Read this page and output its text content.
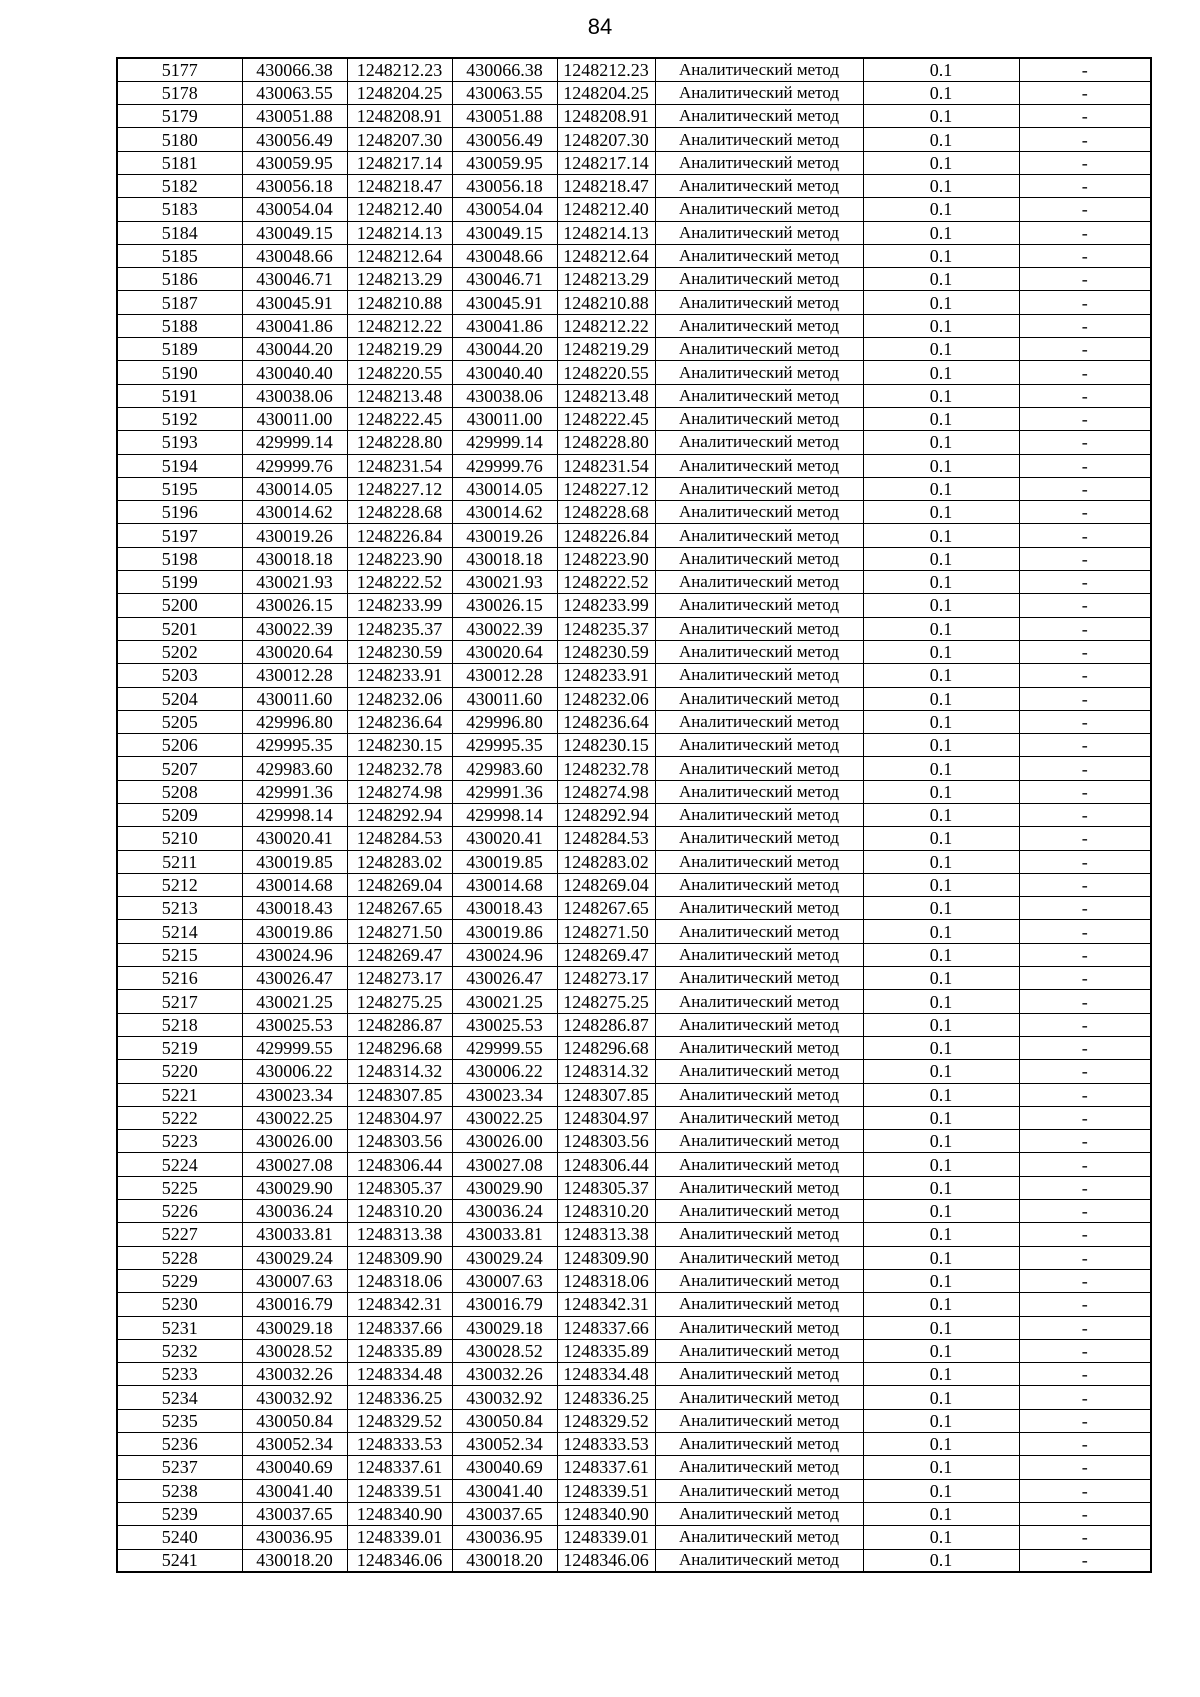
84
5177	430066.38	1248212.23	430066.38	1248212.23	Аналитический метод	0.1	-
5178	430063.55	1248204.25	430063.55	1248204.25	Аналитический метод	0.1	-
5179	430051.88	1248208.91	430051.88	1248208.91	Аналитический метод	0.1	-
5180	430056.49	1248207.30	430056.49	1248207.30	Аналитический метод	0.1	-
5181	430059.95	1248217.14	430059.95	1248217.14	Аналитический метод	0.1	-
5182	430056.18	1248218.47	430056.18	1248218.47	Аналитический метод	0.1	-
5183	430054.04	1248212.40	430054.04	1248212.40	Аналитический метод	0.1	-
5184	430049.15	1248214.13	430049.15	1248214.13	Аналитический метод	0.1	-
5185	430048.66	1248212.64	430048.66	1248212.64	Аналитический метод	0.1	-
5186	430046.71	1248213.29	430046.71	1248213.29	Аналитический метод	0.1	-
5187	430045.91	1248210.88	430045.91	1248210.88	Аналитический метод	0.1	-
5188	430041.86	1248212.22	430041.86	1248212.22	Аналитический метод	0.1	-
5189	430044.20	1248219.29	430044.20	1248219.29	Аналитический метод	0.1	-
5190	430040.40	1248220.55	430040.40	1248220.55	Аналитический метод	0.1	-
5191	430038.06	1248213.48	430038.06	1248213.48	Аналитический метод	0.1	-
5192	430011.00	1248222.45	430011.00	1248222.45	Аналитический метод	0.1	-
5193	429999.14	1248228.80	429999.14	1248228.80	Аналитический метод	0.1	-
5194	429999.76	1248231.54	429999.76	1248231.54	Аналитический метод	0.1	-
5195	430014.05	1248227.12	430014.05	1248227.12	Аналитический метод	0.1	-
5196	430014.62	1248228.68	430014.62	1248228.68	Аналитический метод	0.1	-
5197	430019.26	1248226.84	430019.26	1248226.84	Аналитический метод	0.1	-
5198	430018.18	1248223.90	430018.18	1248223.90	Аналитический метод	0.1	-
5199	430021.93	1248222.52	430021.93	1248222.52	Аналитический метод	0.1	-
5200	430026.15	1248233.99	430026.15	1248233.99	Аналитический метод	0.1	-
5201	430022.39	1248235.37	430022.39	1248235.37	Аналитический метод	0.1	-
5202	430020.64	1248230.59	430020.64	1248230.59	Аналитический метод	0.1	-
5203	430012.28	1248233.91	430012.28	1248233.91	Аналитический метод	0.1	-
5204	430011.60	1248232.06	430011.60	1248232.06	Аналитический метод	0.1	-
5205	429996.80	1248236.64	429996.80	1248236.64	Аналитический метод	0.1	-
5206	429995.35	1248230.15	429995.35	1248230.15	Аналитический метод	0.1	-
5207	429983.60	1248232.78	429983.60	1248232.78	Аналитический метод	0.1	-
5208	429991.36	1248274.98	429991.36	1248274.98	Аналитический метод	0.1	-
5209	429998.14	1248292.94	429998.14	1248292.94	Аналитический метод	0.1	-
5210	430020.41	1248284.53	430020.41	1248284.53	Аналитический метод	0.1	-
5211	430019.85	1248283.02	430019.85	1248283.02	Аналитический метод	0.1	-
5212	430014.68	1248269.04	430014.68	1248269.04	Аналитический метод	0.1	-
5213	430018.43	1248267.65	430018.43	1248267.65	Аналитический метод	0.1	-
5214	430019.86	1248271.50	430019.86	1248271.50	Аналитический метод	0.1	-
5215	430024.96	1248269.47	430024.96	1248269.47	Аналитический метод	0.1	-
5216	430026.47	1248273.17	430026.47	1248273.17	Аналитический метод	0.1	-
5217	430021.25	1248275.25	430021.25	1248275.25	Аналитический метод	0.1	-
5218	430025.53	1248286.87	430025.53	1248286.87	Аналитический метод	0.1	-
5219	429999.55	1248296.68	429999.55	1248296.68	Аналитический метод	0.1	-
5220	430006.22	1248314.32	430006.22	1248314.32	Аналитический метод	0.1	-
5221	430023.34	1248307.85	430023.34	1248307.85	Аналитический метод	0.1	-
5222	430022.25	1248304.97	430022.25	1248304.97	Аналитический метод	0.1	-
5223	430026.00	1248303.56	430026.00	1248303.56	Аналитический метод	0.1	-
5224	430027.08	1248306.44	430027.08	1248306.44	Аналитический метод	0.1	-
5225	430029.90	1248305.37	430029.90	1248305.37	Аналитический метод	0.1	-
5226	430036.24	1248310.20	430036.24	1248310.20	Аналитический метод	0.1	-
5227	430033.81	1248313.38	430033.81	1248313.38	Аналитический метод	0.1	-
5228	430029.24	1248309.90	430029.24	1248309.90	Аналитический метод	0.1	-
5229	430007.63	1248318.06	430007.63	1248318.06	Аналитический метод	0.1	-
5230	430016.79	1248342.31	430016.79	1248342.31	Аналитический метод	0.1	-
5231	430029.18	1248337.66	430029.18	1248337.66	Аналитический метод	0.1	-
5232	430028.52	1248335.89	430028.52	1248335.89	Аналитический метод	0.1	-
5233	430032.26	1248334.48	430032.26	1248334.48	Аналитический метод	0.1	-
5234	430032.92	1248336.25	430032.92	1248336.25	Аналитический метод	0.1	-
5235	430050.84	1248329.52	430050.84	1248329.52	Аналитический метод	0.1	-
5236	430052.34	1248333.53	430052.34	1248333.53	Аналитический метод	0.1	-
5237	430040.69	1248337.61	430040.69	1248337.61	Аналитический метод	0.1	-
5238	430041.40	1248339.51	430041.40	1248339.51	Аналитический метод	0.1	-
5239	430037.65	1248340.90	430037.65	1248340.90	Аналитический метод	0.1	-
5240	430036.95	1248339.01	430036.95	1248339.01	Аналитический метод	0.1	-
5241	430018.20	1248346.06	430018.20	1248346.06	Аналитический метод	0.1	-
